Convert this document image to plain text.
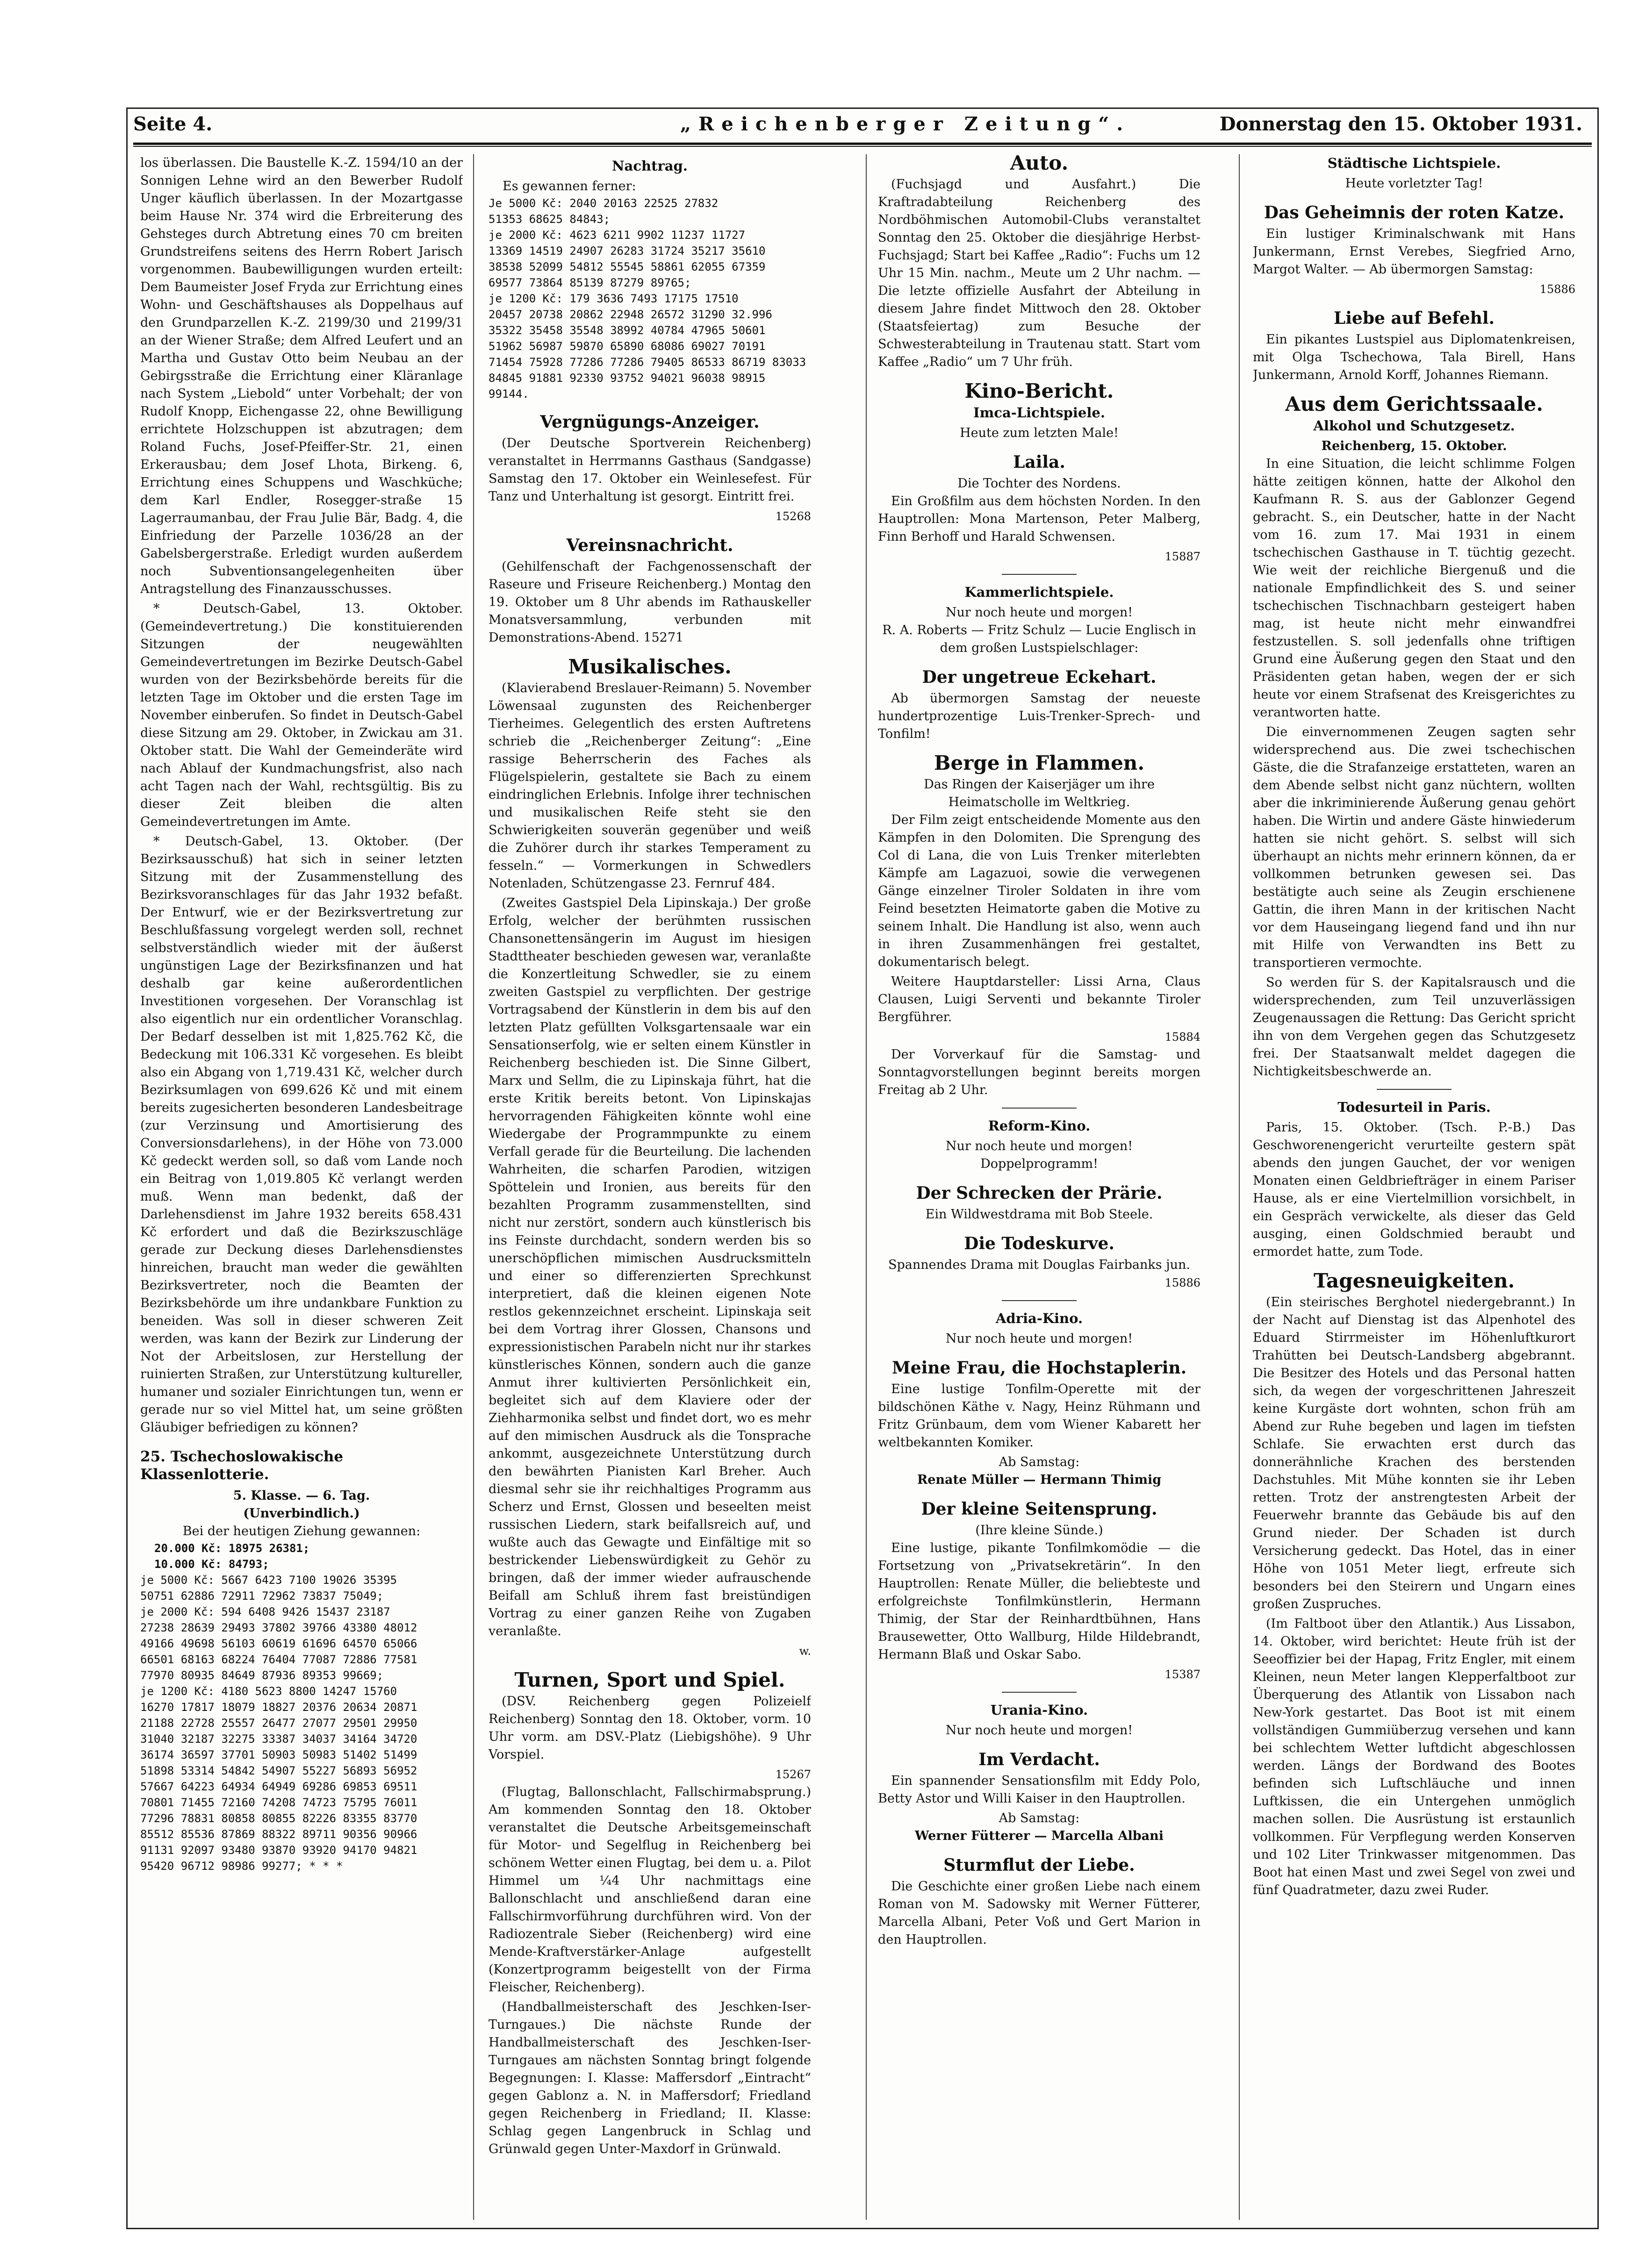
Seite 4.	„Reichenberger Zeitung“.	Donnerstag den 15. Oktober 1931.

los überlassen. Die Baustelle K.-Z. 1594/10 an der Sonnigen Lehne wird an den Bewerber Rudolf Unger käuflich überlassen. In der Mozartgasse beim Hause Nr. 374 wird die Erbreiterung des Gehsteges durch Abtretung eines 70 cm breiten Grundstreifens seitens des Herrn Robert Jarisch vorgenommen. Baubewilligungen wurden erteilt: Dem Baumeister Josef Fryda zur Errichtung eines Wohn- und Geschäftshauses als Doppelhaus auf den Grundparzellen K.-Z. 2199/30 und 2199/31 an der Wiener Straße; dem Alfred Leufert und an Martha und Gustav Otto beim Neubau an der Gebirgsstraße die Errichtung einer Kläranlage nach System „Liebold“ unter Vorbehalt; der von Rudolf Knopp, Eichengasse 22, ohne Bewilligung errichtete Holzschuppen ist abzutragen; dem Roland Fuchs, Josef-Pfeiffer-Str. 21, einen Erkerausbau; dem Josef Lhota, Birkeng. 6, Errichtung eines Schuppens und Waschküche; dem Karl Endler, Rosegger-straße 15 Lagerraumanbau, der Frau Julie Bär, Badg. 4, die Einfriedung der Parzelle 1036/28 an der Gabelsbergerstraße. Erledigt wurden außerdem noch Subventionsangelegenheiten über Antragstellung des Finanzausschusses.

* Deutsch-Gabel, 13. Oktober. (Gemeindevertretung.) Die konstituierenden Sitzungen der neugewählten Gemeindevertretungen im Bezirke Deutsch-Gabel wurden von der Bezirksbehörde bereits für die letzten Tage im Oktober und die ersten Tage im November einberufen. So findet in Deutsch-Gabel diese Sitzung am 29. Oktober, in Zwickau am 31. Oktober statt. Die Wahl der Gemeinderäte wird nach Ablauf der Kundmachungsfrist, also nach acht Tagen nach der Wahl, rechtsgültig. Bis zu dieser Zeit bleiben die alten Gemeindevertretungen im Amte.

* Deutsch-Gabel, 13. Oktober. (Der Bezirksausschuß) hat sich in seiner letzten Sitzung mit der Zusammenstellung des Bezirksvoranschlages für das Jahr 1932 befaßt. Der Entwurf, wie er der Bezirksvertretung zur Beschlußfassung vorgelegt werden soll, rechnet selbstverständlich wieder mit der äußerst ungünstigen Lage der Bezirksfinanzen und hat deshalb gar keine außerordentlichen Investitionen vorgesehen. Der Voranschlag ist also eigentlich nur ein ordentlicher Voranschlag. Der Bedarf desselben ist mit 1,825.762 Kč, die Bedeckung mit 106.331 Kč vorgesehen. Es bleibt also ein Abgang von 1,719.431 Kč, welcher durch Bezirksumlagen von 699.626 Kč und mit einem bereits zugesicherten besonderen Landesbeitrage (zur Verzinsung und Amortisierung des Conversionsdarlehens), in der Höhe von 73.000 Kč gedeckt werden soll, so daß vom Lande noch ein Beitrag von 1,019.805 Kč verlangt werden muß. Wenn man bedenkt, daß der Darlehensdienst im Jahre 1932 bereits 658.431 Kč erfordert und daß die Bezirkszuschläge gerade zur Deckung dieses Darlehensdienstes hinreichen, braucht man weder die gewählten Bezirksvertreter, noch die Beamten der Bezirksbehörde um ihre undankbare Funktion zu beneiden. Was soll in dieser schweren Zeit werden, was kann der Bezirk zur Linderung der Not der Arbeitslosen, zur Herstellung der ruinierten Straßen, zur Unterstützung kultureller, humaner und sozialer Einrichtungen tun, wenn er gerade nur so viel Mittel hat, um seine größten Gläubiger befriedigen zu können?

25. Tschechoslowakische Klassenlotterie.
5. Klasse. — 6. Tag.
(Unverbindlich.)
Bei der heutigen Ziehung gewannen:
20.000 Kč: 18975 26381;
10.000 Kč: 84793;
je 5000 Kč: 5667 6423 7100 19026 35395
50751 62886 72911 72962 73837 75049;
je 2000 Kč: 594 6408 9426 15437 23187
27238 28639 29493 37802 39766 43380 48012
49166 49698 56103 60619 61696 64570 65066
66501 68163 68224 76404 77087 72886 77581
77970 80935 84649 87936 89353 99669;
je 1200 Kč: 4180 5623 8800 14247 15760
16270 17817 18079 18827 20376 20634 20871
21188 22728 25557 26477 27077 29501 29950
31040 32187 32275 33387 34037 34164 34720
36174 36597 37701 50903 50983 51402 51499
51898 53314 54842 54907 55227 56893 56952
57667 64223 64934 64949 69286 69853 69511
70801 71455 72160 74208 74723 75795 76011
77296 78831 80858 80855 82226 83355 83770
85512 85536 87869 88322 89711 90356 90966
91131 92097 93480 93870 93920 94170 94821
95420 96712 98986 99277; * * *
Nachtrag.
Es gewannen ferner:
Je 5000 Kč: 2040 20163 22525 27832
51353 68625 84843;
je 2000 Kč: 4623 6211 9902 11237 11727
13369 14519 24907 26283 31724 35217 35610
38538 52099 54812 55545 58861 62055 67359
69577 73864 85139 87279 89765;
je 1200 Kč: 179 3636 7493 17175 17510
20457 20738 20862 22948 26572 31290 32.996
35322 35458 35548 38992 40784 47965 50601
51962 56987 59870 65890 68086 69027 70191
71454 75928 77286 77286 79405 86533 86719 83033
84845 91881 92330 93752 94021 96038 98915
99144.
Vergnügungs-Anzeiger.

(Der Deutsche Sportverein Reichenberg) veranstaltet in Herrmanns Gasthaus (Sandgasse) Samstag den 17. Oktober ein Weinlesefest. Für Tanz und Unterhaltung ist gesorgt. Eintritt frei.

15268
Vereinsnachricht.

(Gehilfenschaft der Fachgenossenschaft der Raseure und Friseure Reichenberg.) Montag den 19. Oktober um 8 Uhr abends im Rathauskeller Monatsversammlung, verbunden mit Demonstrations-Abend. 15271

Musikalisches.

(Klavierabend Breslauer-Reimann) 5. November Löwensaal zugunsten des Reichenberger Tierheimes. Gelegentlich des ersten Auftretens schrieb die „Reichenberger Zeitung“: „Eine rassige Beherrscherin des Faches als Flügelspielerin, gestaltete sie Bach zu einem eindringlichen Erlebnis. Infolge ihrer technischen und musikalischen Reife steht sie den Schwierigkeiten souverän gegenüber und weiß die Zuhörer durch ihr starkes Temperament zu fesseln.“ — Vormerkungen in Schwedlers Notenladen, Schützengasse 23. Fernruf 484.

(Zweites Gastspiel Dela Lipinskaja.) Der große Erfolg, welcher der berühmten russischen Chansonettensängerin im August im hiesigen Stadttheater beschieden gewesen war, veranlaßte die Konzertleitung Schwedler, sie zu einem zweiten Gastspiel zu verpflichten. Der gestrige Vortragsabend der Künstlerin in dem bis auf den letzten Platz gefüllten Volksgartensaale war ein Sensationserfolg, wie er selten einem Künstler in Reichenberg beschieden ist. Die Sinne Gilbert, Marx und Sellm, die zu Lipinskaja führt, hat die erste Kritik bereits betont. Von Lipinskajas hervorragenden Fähigkeiten könnte wohl eine Wiedergabe der Programmpunkte zu einem Verfall gerade für die Beurteilung. Die lachenden Wahrheiten, die scharfen Parodien, witzigen Spöttelein und Ironien, aus bereits für den bezahlten Programm zusammenstellten, sind nicht nur zerstört, sondern auch künstlerisch bis ins Feinste durchdacht, sondern werden bis so unerschöpflichen mimischen Ausdrucksmitteln und einer so differenzierten Sprechkunst interpretiert, daß die kleinen eigenen Note restlos gekennzeichnet erscheint. Lipinskaja seit bei dem Vortrag ihrer Glossen, Chansons und expressionistischen Parabeln nicht nur ihr starkes künstlerisches Können, sondern auch die ganze Anmut ihrer kultivierten Persönlichkeit ein, begleitet sich auf dem Klaviere oder der Ziehharmonika selbst und findet dort, wo es mehr auf den mimischen Ausdruck als die Tonsprache ankommt, ausgezeichnete Unterstützung durch den bewährten Pianisten Karl Breher. Auch diesmal sehr sie ihr reichhaltiges Programm aus Scherz und Ernst, Glossen und beseelten meist russischen Liedern, stark beifallsreich auf, und wußte auch das Gewagte und Einfältige mit so bestrickender Liebenswürdigkeit zu Gehör zu bringen, daß der immer wieder aufrauschende Beifall am Schluß ihrem fast breistündigen Vortrag zu einer ganzen Reihe von Zugaben veranlaßte.

w.
Turnen, Sport und Spiel.

(DSV. Reichenberg gegen Polizeielf Reichenberg) Sonntag den 18. Oktober, vorm. 10 Uhr vorm. am DSV.-Platz (Liebigshöhe). 9 Uhr Vorspiel.

15267

(Flugtag, Ballonschlacht, Fallschirmabsprung.) Am kommenden Sonntag den 18. Oktober veranstaltet die Deutsche Arbeitsgemeinschaft für Motor- und Segelflug in Reichenberg bei schönem Wetter einen Flugtag, bei dem u. a. Pilot Himmel um ¼4 Uhr nachmittags eine Ballonschlacht und anschließend daran eine Fallschirmvorführung durchführen wird. Von der Radiozentrale Sieber (Reichenberg) wird eine Mende-Kraftverstärker-Anlage aufgestellt (Konzertprogramm beigestellt von der Firma Fleischer, Reichenberg).

(Handballmeisterschaft des Jeschken-Iser-Turngaues.) Die nächste Runde der Handballmeisterschaft des Jeschken-Iser-Turngaues am nächsten Sonntag bringt folgende Begegnungen: I. Klasse: Maffersdorf „Eintracht“ gegen Gablonz a. N. in Maffersdorf; Friedland gegen Reichenberg in Friedland; II. Klasse: Schlag gegen Langenbruck in Schlag und Grünwald gegen Unter-Maxdorf in Grünwald.

Auto.

(Fuchsjagd und Ausfahrt.) Die Kraftradabteilung Reichenberg des Nordböhmischen Automobil-Clubs veranstaltet Sonntag den 25. Oktober die diesjährige Herbst-Fuchsjagd; Start bei Kaffee „Radio“: Fuchs um 12 Uhr 15 Min. nachm., Meute um 2 Uhr nachm. — Die letzte offizielle Ausfahrt der Abteilung in diesem Jahre findet Mittwoch den 28. Oktober (Staatsfeiertag) zum Besuche der Schwesterabteilung in Trautenau statt. Start vom Kaffee „Radio“ um 7 Uhr früh.

Kino-Bericht.
Imca-Lichtspiele.
Heute zum letzten Male!
Laila.
Die Tochter des Nordens.

Ein Großfilm aus dem höchsten Norden. In den Hauptrollen: Mona Martenson, Peter Malberg, Finn Berhoff und Harald Schwensen.

15887
Kammerlichtspiele.
Nur noch heute und morgen!
R. A. Roberts — Fritz Schulz — Lucie Englisch in dem großen Lustspielschlager:
Der ungetreue Eckehart.

Ab übermorgen Samstag der neueste hundertprozentige Luis-Trenker-Sprech- und Tonfilm!

Berge in Flammen.
Das Ringen der Kaiserjäger um ihre Heimatscholle im Weltkrieg.

Der Film zeigt entscheidende Momente aus den Kämpfen in den Dolomiten. Die Sprengung des Col di Lana, die von Luis Trenker miterlebten Kämpfe am Lagazuoi, sowie die verwegenen Gänge einzelner Tiroler Soldaten in ihre vom Feind besetzten Heimatorte gaben die Motive zu seinem Inhalt. Die Handlung ist also, wenn auch in ihren Zusammenhängen frei gestaltet, dokumentarisch belegt.

Weitere Hauptdarsteller: Lissi Arna, Claus Clausen, Luigi Serventi und bekannte Tiroler Bergführer.

15884

Der Vorverkauf für die Samstag- und Sonntagvorstellungen beginnt bereits morgen Freitag ab 2 Uhr.

Reform-Kino.
Nur noch heute und morgen!
Doppelprogramm!
Der Schrecken der Prärie.
Ein Wildwestdrama mit Bob Steele.
Die Todeskurve.
Spannendes Drama mit Douglas Fairbanks jun.
15886
Adria-Kino.
Nur noch heute und morgen!
Meine Frau, die Hochstaplerin.

Eine lustige Tonfilm-Operette mit der bildschönen Käthe v. Nagy, Heinz Rühmann und Fritz Grünbaum, dem vom Wiener Kabarett her weltbekannten Komiker.

Ab Samstag:
Renate Müller — Hermann Thimig
Der kleine Seitensprung.
(Ihre kleine Sünde.)

Eine lustige, pikante Tonfilmkomödie — die Fortsetzung von „Privatsekretärin“. In den Hauptrollen: Renate Müller, die beliebteste und erfolgreichste Tonfilmkünstlerin, Hermann Thimig, der Star der Reinhardtbühnen, Hans Brausewetter, Otto Wallburg, Hilde Hildebrandt, Hermann Blaß und Oskar Sabo.

15387
Urania-Kino.
Nur noch heute und morgen!
Im Verdacht.

Ein spannender Sensationsfilm mit Eddy Polo, Betty Astor und Willi Kaiser in den Hauptrollen.

Ab Samstag:
Werner Fütterer — Marcella Albani
Sturmflut der Liebe.

Die Geschichte einer großen Liebe nach einem Roman von M. Sadowsky mit Werner Fütterer, Marcella Albani, Peter Voß und Gert Marion in den Hauptrollen.

Städtische Lichtspiele.
Heute vorletzter Tag!
Das Geheimnis der roten Katze.

Ein lustiger Kriminalschwank mit Hans Junkermann, Ernst Verebes, Siegfried Arno, Margot Walter. — Ab übermorgen Samstag:

15886
Liebe auf Befehl.

Ein pikantes Lustspiel aus Diplomatenkreisen, mit Olga Tschechowa, Tala Birell, Hans Junkermann, Arnold Korff, Johannes Riemann.

Aus dem Gerichtssaale.
Alkohol und Schutzgesetz.
Reichenberg, 15. Oktober.

In eine Situation, die leicht schlimme Folgen hätte zeitigen können, hatte der Alkohol den Kaufmann R. S. aus der Gablonzer Gegend gebracht. S., ein Deutscher, hatte in der Nacht vom 16. zum 17. Mai 1931 in einem tschechischen Gasthause in T. tüchtig gezecht. Wie weit der reichliche Biergenuß und die nationale Empfindlichkeit des S. und seiner tschechischen Tischnachbarn gesteigert haben mag, ist heute nicht mehr einwandfrei festzustellen. S. soll jedenfalls ohne triftigen Grund eine Äußerung gegen den Staat und den Präsidenten getan haben, wegen der er sich heute vor einem Strafsenat des Kreisgerichtes zu verantworten hatte.

Die einvernommenen Zeugen sagten sehr widersprechend aus. Die zwei tschechischen Gäste, die die Strafanzeige erstatteten, waren an dem Abende selbst nicht ganz nüchtern, wollten aber die inkriminierende Äußerung genau gehört haben. Die Wirtin und andere Gäste hinwiederum hatten sie nicht gehört. S. selbst will sich überhaupt an nichts mehr erinnern können, da er vollkommen betrunken gewesen sei. Das bestätigte auch seine als Zeugin erschienene Gattin, die ihren Mann in der kritischen Nacht vor dem Hauseingang liegend fand und ihn nur mit Hilfe von Verwandten ins Bett zu transportieren vermochte.

So werden für S. der Kapitalsrausch und die widersprechenden, zum Teil unzuverlässigen Zeugenaussagen die Rettung: Das Gericht spricht ihn von dem Vergehen gegen das Schutzgesetz frei. Der Staatsanwalt meldet dagegen die Nichtigkeitsbeschwerde an.

Todesurteil in Paris.

Paris, 15. Oktober. (Tsch. P.-B.) Das Geschworenengericht verurteilte gestern spät abends den jungen Gauchet, der vor wenigen Monaten einen Geldbriefträger in einem Pariser Hause, als er eine Viertelmillion vorsichbelt, in ein Gespräch verwickelte, als dieser das Geld ausging, einen Goldschmied beraubt und ermordet hatte, zum Tode.

Tagesneuigkeiten.

(Ein steirisches Berghotel niedergebrannt.) In der Nacht auf Dienstag ist das Alpenhotel des Eduard Stirrmeister im Höhenluftkurort Trahütten bei Deutsch-Landsberg abgebrannt. Die Besitzer des Hotels und das Personal hatten sich, da wegen der vorgeschrittenen Jahreszeit keine Kurgäste dort wohnten, schon früh am Abend zur Ruhe begeben und lagen im tiefsten Schlafe. Sie erwachten erst durch das donnerähnliche Krachen des berstenden Dachstuhles. Mit Mühe konnten sie ihr Leben retten. Trotz der anstrengtesten Arbeit der Feuerwehr brannte das Gebäude bis auf den Grund nieder. Der Schaden ist durch Versicherung gedeckt. Das Hotel, das in einer Höhe von 1051 Meter liegt, erfreute sich besonders bei den Steirern und Ungarn eines großen Zuspruches.

(Im Faltboot über den Atlantik.) Aus Lissabon, 14. Oktober, wird berichtet: Heute früh ist der Seeoffizier bei der Hapag, Fritz Engler, mit einem Kleinen, neun Meter langen Klepperfaltboot zur Überquerung des Atlantik von Lissabon nach New-York gestartet. Das Boot ist mit einem vollständigen Gummiüberzug versehen und kann bei schlechtem Wetter luftdicht abgeschlossen werden. Längs der Bordwand des Bootes befinden sich Luftschläuche und innen Luftkissen, die ein Untergehen unmöglich machen sollen. Die Ausrüstung ist erstaunlich vollkommen. Für Verpflegung werden Konserven und 102 Liter Trinkwasser mitgenommen. Das Boot hat einen Mast und zwei Segel von zwei und fünf Quadratmeter, dazu zwei Ruder.
